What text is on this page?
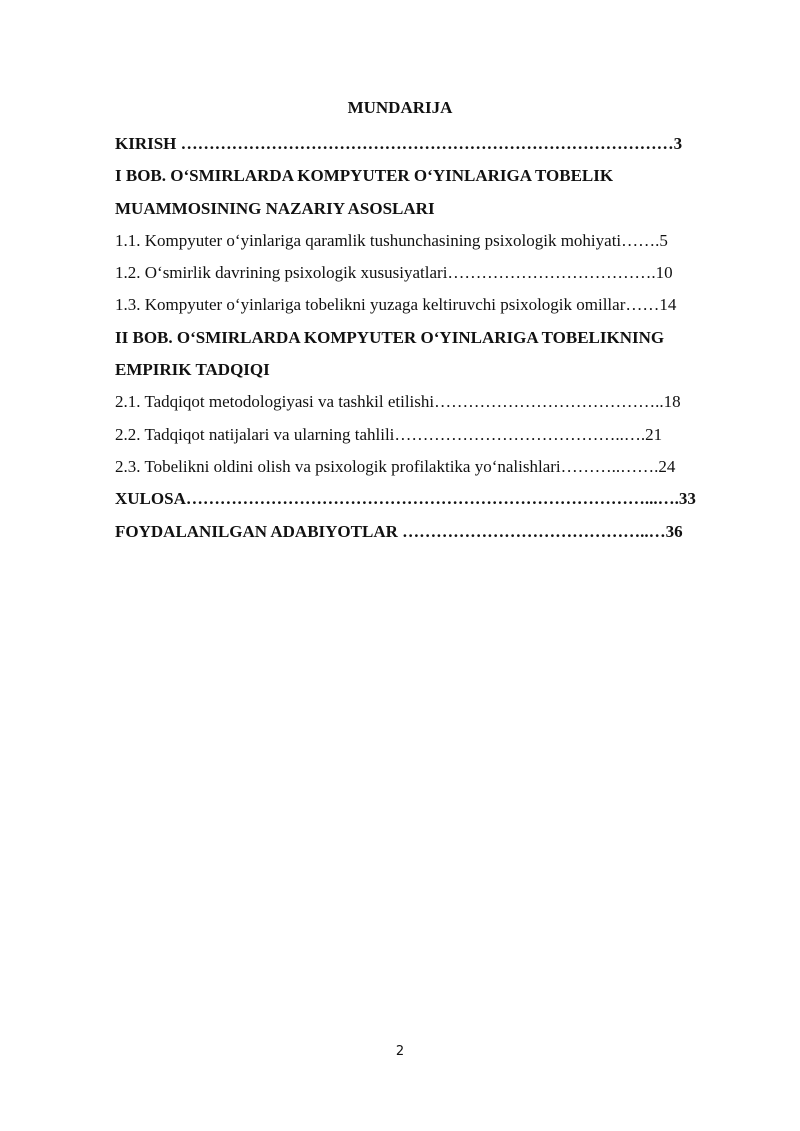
MUNDARIJA
KIRISH ……………………………………………………………………………3
I BOB. O‘SMIRLARDA KOMPYUTER O‘YINLARIGA TOBELIK
MUAMMOSINING NAZARIY ASOSLARI
1.1. Kompyuter o‘yinlariga qaramlik tushunchasining psixologik mohiyati…….5
1.2. O‘smirlik davrining psixologik xususiyatlari……………………………….10
1.3. Kompyuter o‘yinlariga tobelikni yuzaga keltiruvchi psixologik omillar……14
II BOB. O‘SMIRLARDA KOMPYUTER O‘YINLARIGA TOBELIKNING
EMPIRIK TADQIQI
2.1. Tadqiqot metodologiyasi va tashkil etilishi…………………………………..18
2.2. Tadqiqot natijalari va ularning tahlili…………………………………..….21
2.3. Tobelikni oldini olish va psixologik profilaktika yo‘nalishlari………..…….24
XULOSA………………………………………………………………………...….33
FOYDALANILGAN ADABIYOTLAR ……………………………………..…36
2
